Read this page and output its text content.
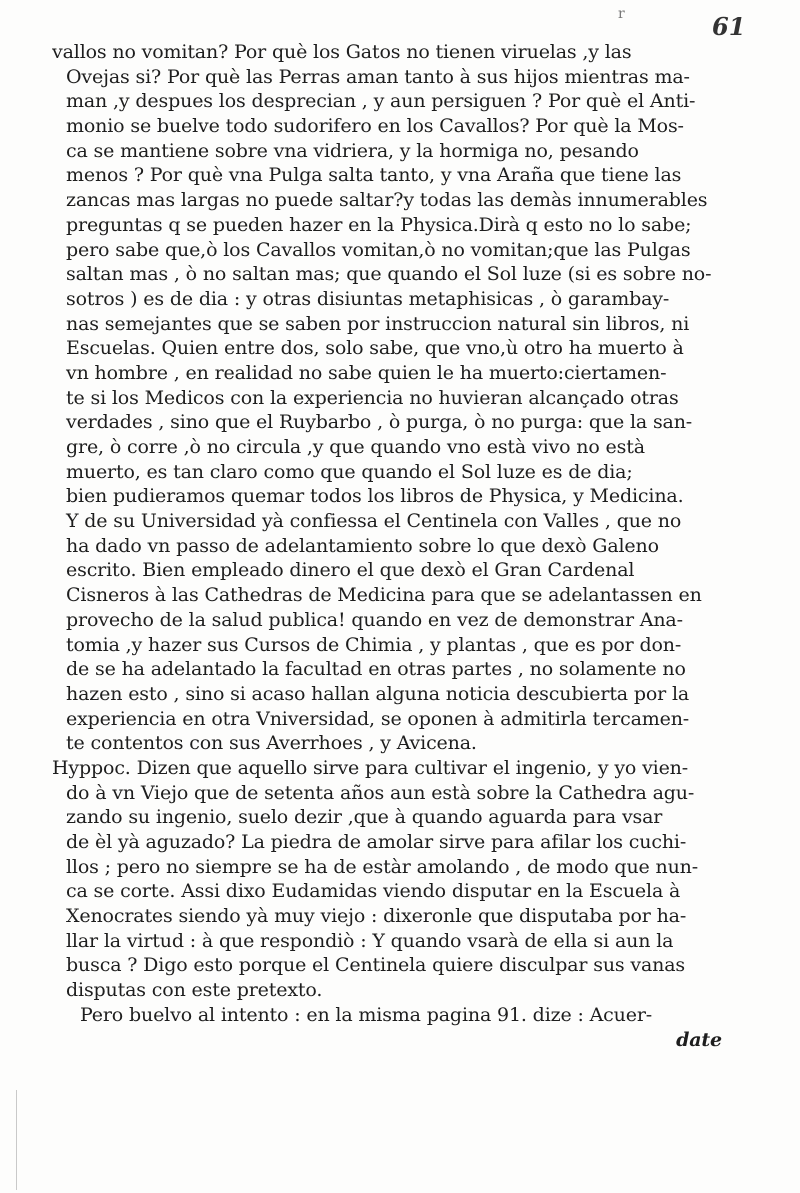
r	61
vallos no vomitan? Por què los Gatos no tienen viruelas ,y las
Ovejas si? Por què las Perras aman tanto à sus hijos mientras ma-
man ,y despues los desprecian , y aun persiguen ? Por què el Anti-
monio se buelve todo sudorifero en los Cavallos? Por què la Mos-
ca se mantiene sobre vna vidriera, y la hormiga no, pesando
menos ? Por què vna Pulga salta tanto, y vna Araña que tiene las
zancas mas largas no puede saltar?y todas las demàs innumerables
preguntas q se pueden hazer en la Physica.Dirà q esto no lo sabe;
pero sabe que,ò los Cavallos vomitan,ò no vomitan;que las Pulgas
saltan mas , ò no saltan mas; que quando el Sol luze (si es sobre no-
sotros ) es de dia : y otras disiuntas metaphisicas , ò garambay-
nas semejantes que se saben por instruccion natural sin libros, ni
Escuelas. Quien entre dos, solo sabe, que vno,ù otro ha muerto à
vn hombre , en realidad no sabe quien le ha muerto:ciertamen-
te si los Medicos con la experiencia no huvieran alcançado otras
verdades , sino que el Ruybarbo , ò purga, ò no purga: que la san-
gre, ò corre ,ò no circula ,y que quando vno està vivo no està
muerto, es tan claro como que quando el Sol luze es de dia;
bien pudieramos quemar todos los libros de Physica, y Medicina.
Y de su Universidad yà confiessa el Centinela con Valles , que no
ha dado vn passo de adelantamiento sobre lo que dexò Galeno
escrito. Bien empleado dinero el que dexò el Gran Cardenal
Cisneros à las Cathedras de Medicina para que se adelantassen en
provecho de la salud publica! quando en vez de demonstrar Ana-
tomia ,y hazer sus Cursos de Chimia , y plantas , que es por don-
de se ha adelantado la facultad en otras partes , no solamente no
hazen esto , sino si acaso hallan alguna noticia descubierta por la
experiencia en otra Vniversidad, se oponen à admitirla tercamen-
te contentos con sus Averrhoes , y Avicena.
Hyppoc. Dizen que aquello sirve para cultivar el ingenio, y yo vien-
do à vn Viejo que de setenta años aun està sobre la Cathedra agu-
zando su ingenio, suelo dezir ,que à quando aguarda para vsar
de èl yà aguzado? La piedra de amolar sirve para afilar los cuchi-
llos ; pero no siempre se ha de estàr amolando , de modo que nun-
ca se corte. Assi dixo Eudamidas viendo disputar en la Escuela à
Xenocrates siendo yà muy viejo : dixeronle que disputaba por ha-
llar la virtud : à que respondiò : Y quando vsarà de ella si aun la
busca ? Digo esto porque el Centinela quiere disculpar sus vanas
disputas con este pretexto.
Pero buelvo al intento : en la misma pagina 91. dize : Acuer-
date
